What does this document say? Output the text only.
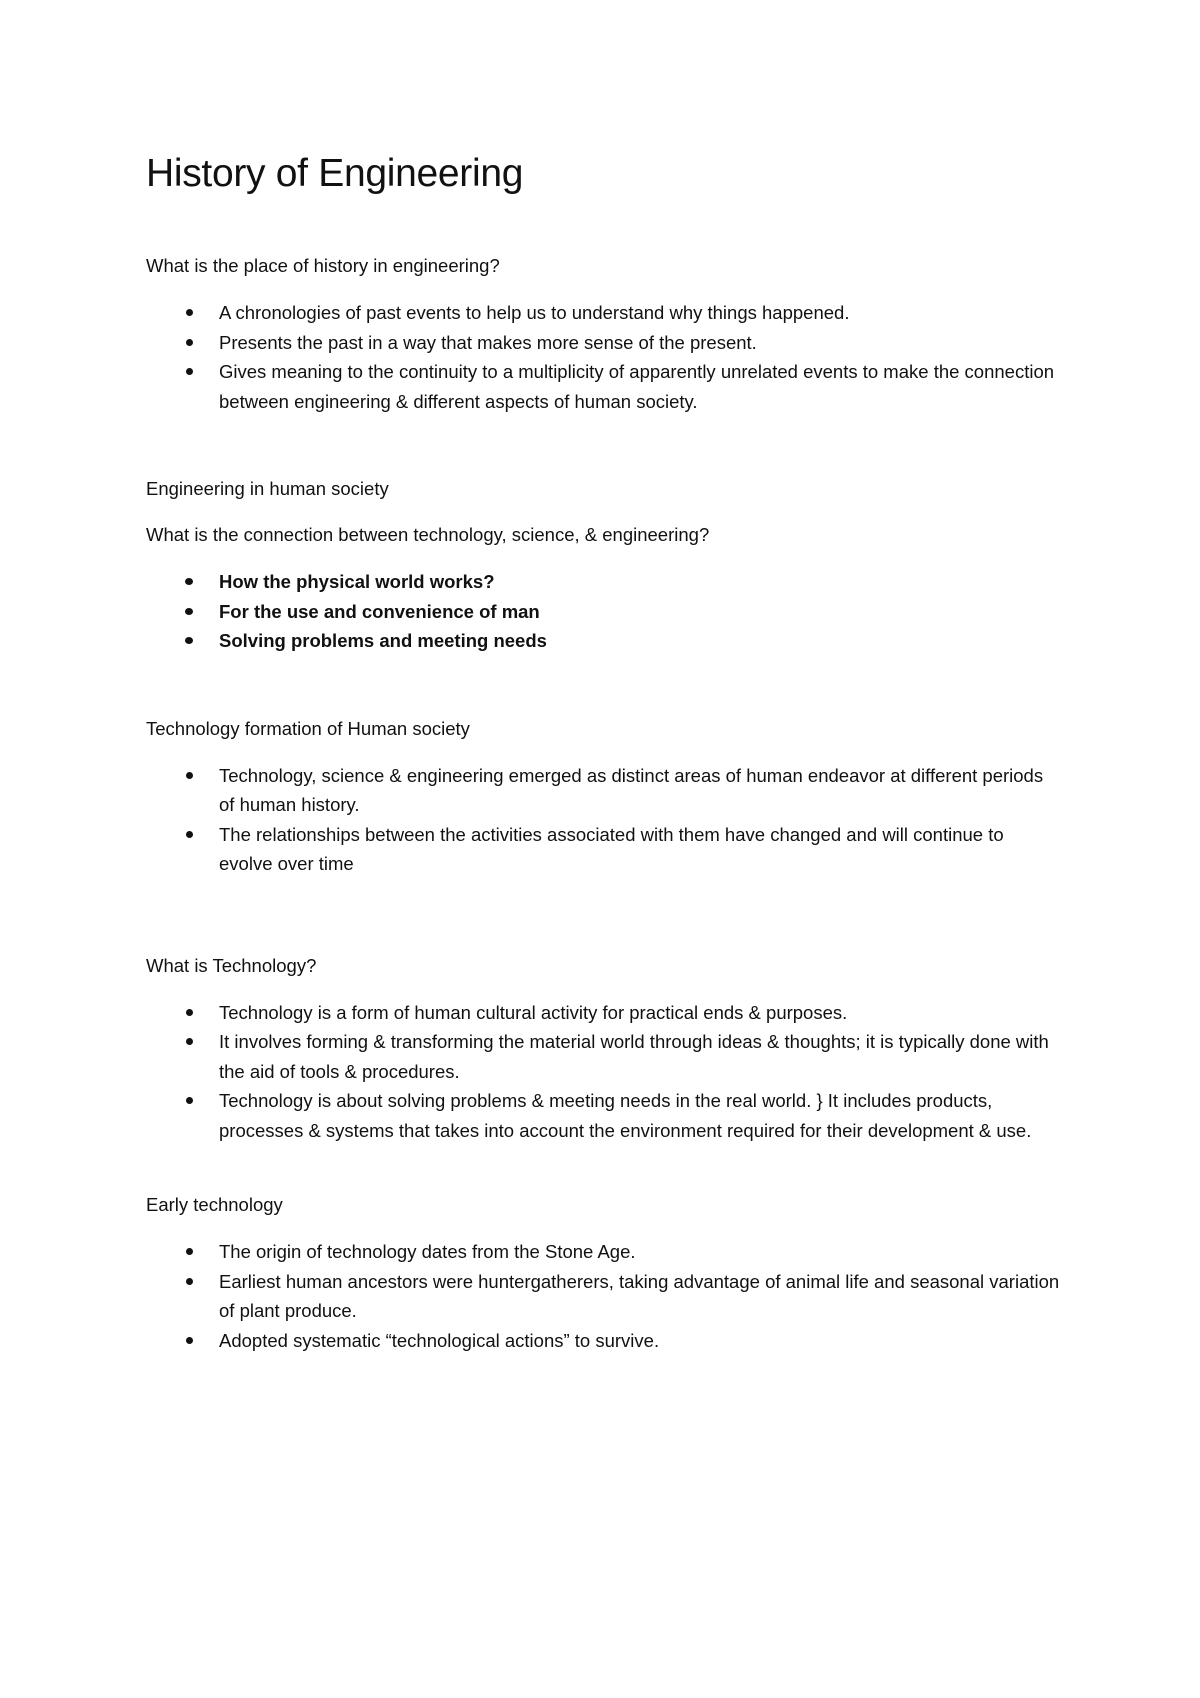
History of Engineering

What is the place of history in engineering?

A chronologies of past events to help us to understand why things happened.
Presents the past in a way that makes more sense of the present.
Gives meaning to the continuity to a multiplicity of apparently unrelated events to make the connection between engineering & different aspects of human society.

Engineering in human society

What is the connection between technology, science, & engineering?

How the physical world works?
For the use and convenience of man
Solving problems and meeting needs

Technology formation of Human society

Technology, science & engineering emerged as distinct areas of human endeavor at different periods of human history.
The relationships between the activities associated with them have changed and will continue to evolve over time

What is Technology?

Technology is a form of human cultural activity for practical ends & purposes.
It involves forming & transforming the material world through ideas & thoughts; it is typically done with the aid of tools & procedures.
Technology is about solving problems & meeting needs in the real world. } It includes products, processes & systems that takes into account the environment required for their development & use.

Early technology

The origin of technology dates from the Stone Age.
Earliest human ancestors were huntergatherers, taking advantage of animal life and seasonal variation of plant produce.
Adopted systematic “technological actions” to survive.
